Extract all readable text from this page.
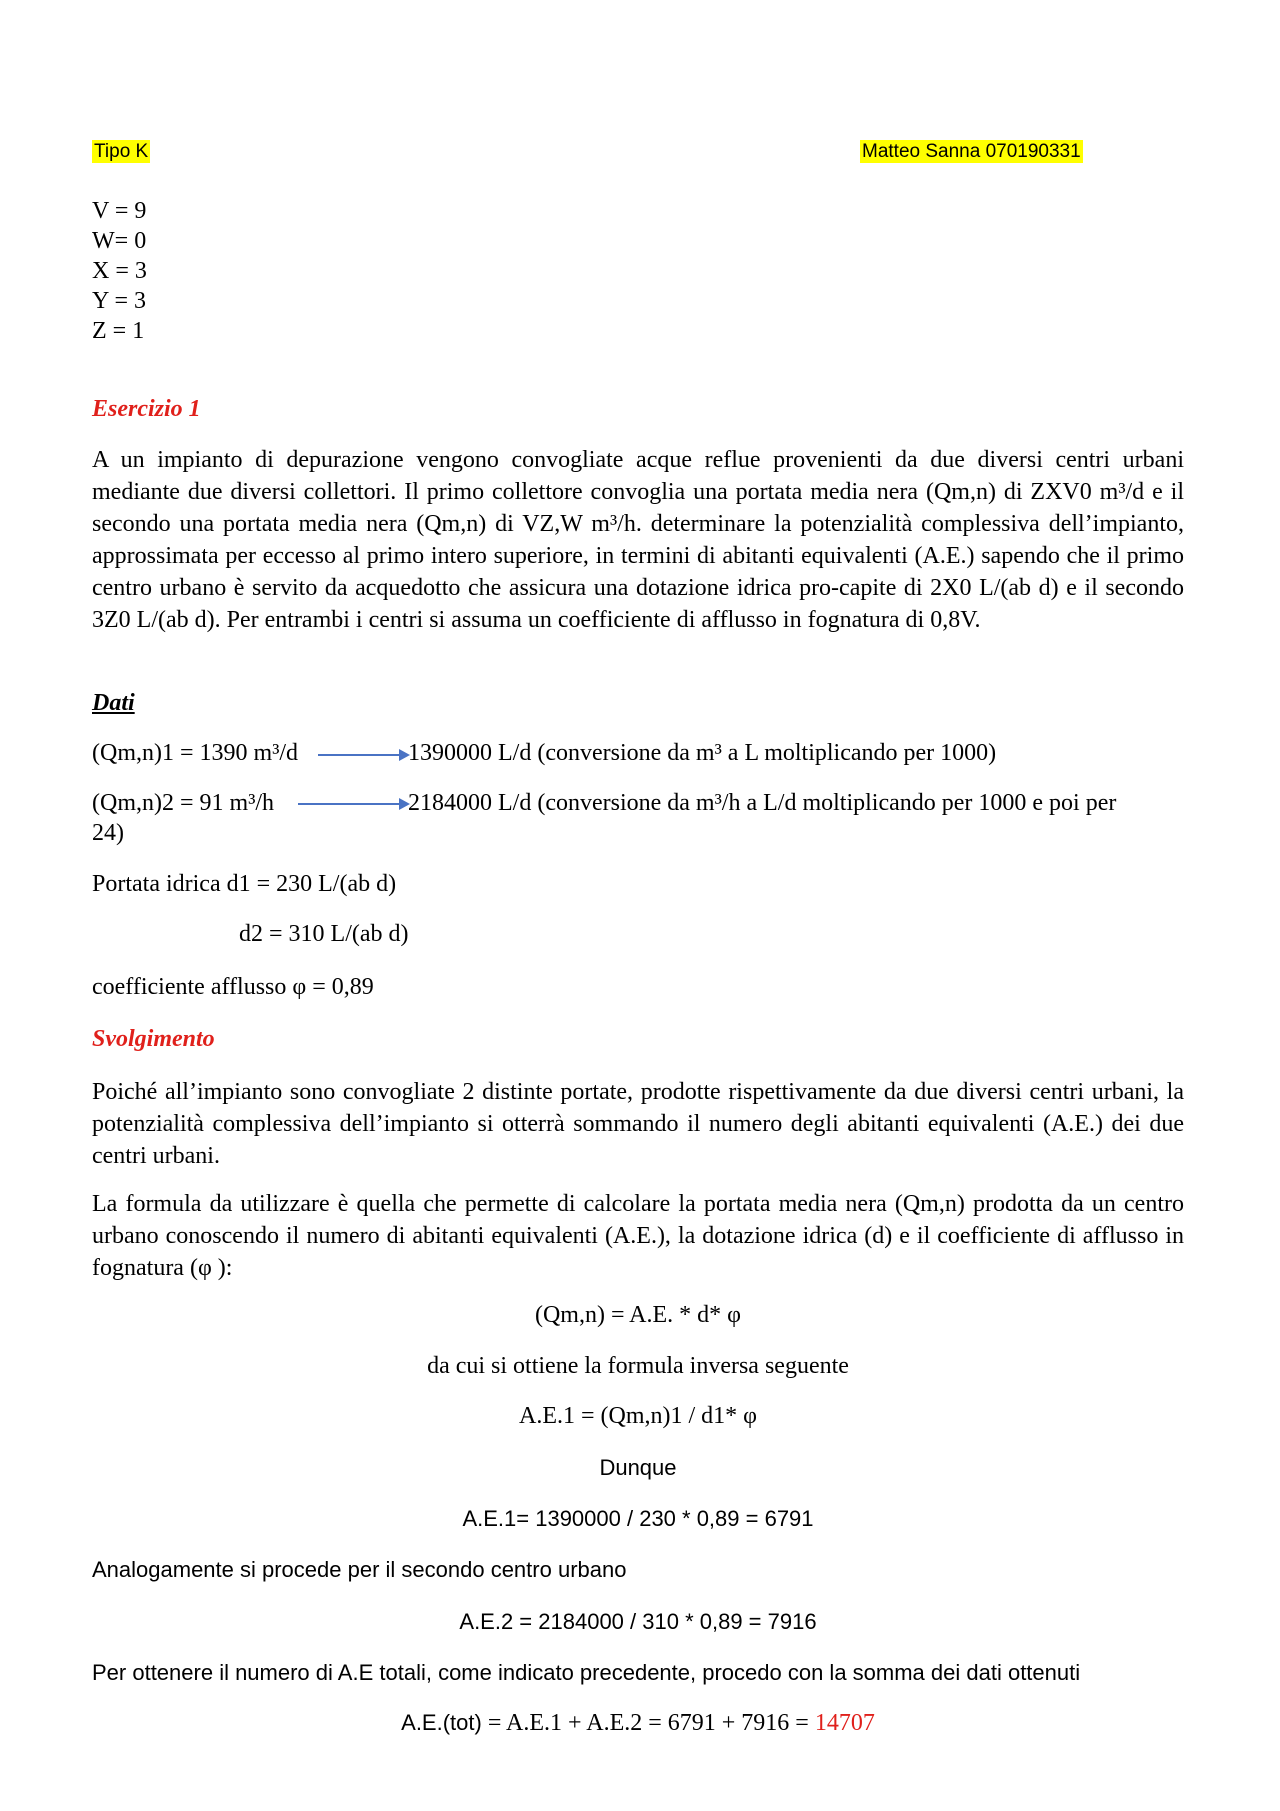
Tipo K	Matteo Sanna 070190331
V = 9
W= 0
X = 3
Y = 3
Z = 1
Esercizio 1
A un impianto di depurazione vengono convogliate acque reflue provenienti da due diversi centri urbani mediante due diversi collettori. Il primo collettore convoglia una portata media nera (Qm,n) di ZXV0 m³/d e il secondo una portata media nera (Qm,n) di VZ,W m³/h. determinare la potenzialità complessiva dell’impianto, approssimata per eccesso al primo intero superiore, in termini di abitanti equivalenti (A.E.) sapendo che il primo centro urbano è servito da acquedotto che assicura una dotazione idrica pro-capite di 2X0 L/(ab d) e il secondo 3Z0 L/(ab d). Per entrambi i centri si assuma un coefficiente di afflusso in fognatura di 0,8V.
Dati
(Qm,n)1 = 1390 m³/d	1390000 L/d (conversione da m³ a L moltiplicando per 1000)
(Qm,n)2 = 91 m³/h	2184000 L/d (conversione da m³/h a L/d moltiplicando per 1000 e poi per
24)
Portata idrica d1 = 230 L/(ab d)
d2 = 310 L/(ab d)
coefficiente afflusso φ = 0,89
Svolgimento
Poiché all’impianto sono convogliate 2 distinte portate, prodotte rispettivamente da due diversi centri urbani, la potenzialità complessiva dell’impianto si otterrà sommando il numero degli abitanti equivalenti (A.E.) dei due centri urbani.
La formula da utilizzare è quella che permette di calcolare la portata media nera (Qm,n) prodotta da un centro urbano conoscendo il numero di abitanti equivalenti (A.E.), la dotazione idrica (d) e il coefficiente di afflusso in fognatura (φ ):
(Qm,n) = A.E. * d* φ
da cui si ottiene la formula inversa seguente
A.E.1 = (Qm,n)1 / d1* φ
Dunque
A.E.1= 1390000 / 230 * 0,89 = 6791
Analogamente si procede per il secondo centro urbano
A.E.2 = 2184000 / 310 * 0,89 = 7916
Per ottenere il numero di A.E totali, come indicato precedente, procedo con la somma dei dati ottenuti
A.E.(tot) = A.E.1 + A.E.2 = 6791 + 7916 = 14707
